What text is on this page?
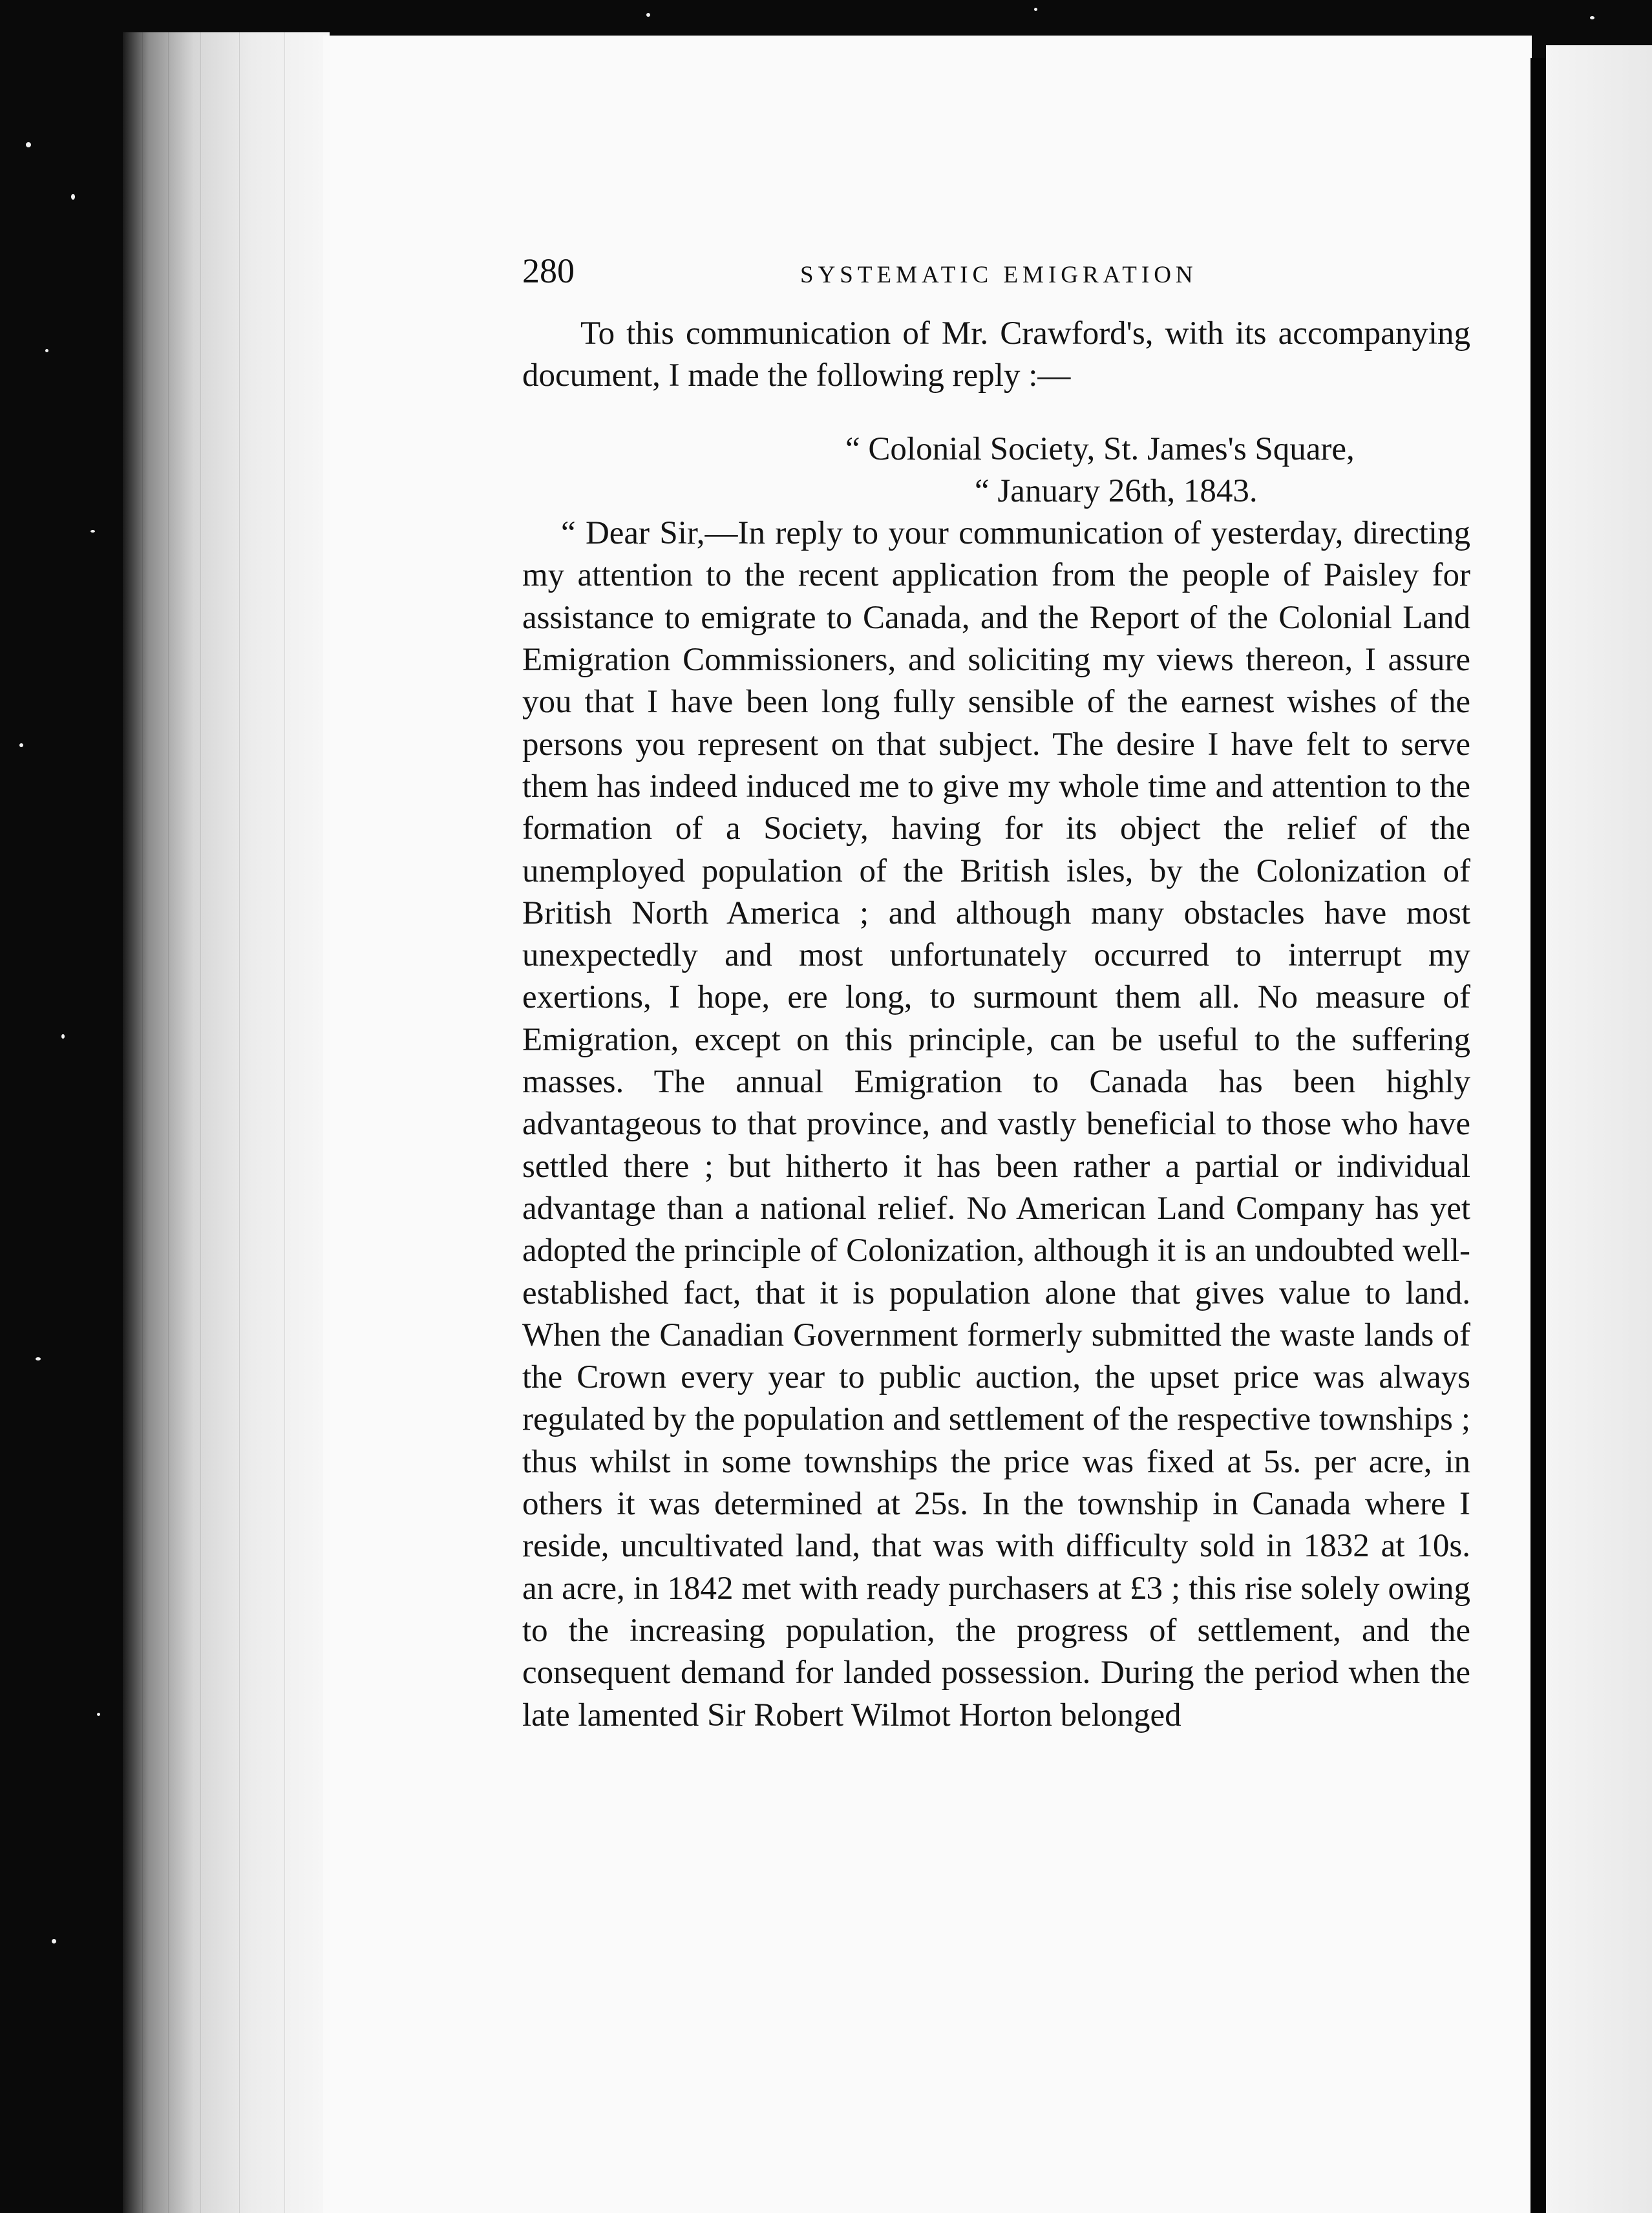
280	SYSTEMATIC EMIGRATION

To this communication of Mr. Crawford's, with its accompanying document, I made the following reply :—

“ Colonial Society, St. James's Square,
“ January 26th, 1843.

“ Dear Sir,—In reply to your communication of yesterday, directing my attention to the recent application from the people of Paisley for assistance to emigrate to Canada, and the Report of the Colonial Land Emigration Commissioners, and soliciting my views thereon, I assure you that I have been long fully sensible of the earnest wishes of the persons you represent on that subject. The desire I have felt to serve them has indeed induced me to give my whole time and attention to the formation of a Society, having for its object the relief of the unemployed population of the British isles, by the Colonization of British North America ; and although many obstacles have most unexpectedly and most unfortunately occurred to interrupt my exertions, I hope, ere long, to surmount them all. No measure of Emigration, except on this principle, can be useful to the suffering masses. The annual Emigration to Canada has been highly advantageous to that province, and vastly beneficial to those who have settled there ; but hitherto it has been rather a partial or individual advantage than a national relief. No American Land Company has yet adopted the principle of Colonization, although it is an undoubted well-established fact, that it is population alone that gives value to land. When the Canadian Government formerly submitted the waste lands of the Crown every year to public auction, the upset price was always regulated by the population and settlement of the respective townships ; thus whilst in some townships the price was fixed at 5s. per acre, in others it was determined at 25s. In the township in Canada where I reside, uncultivated land, that was with difficulty sold in 1832 at 10s. an acre, in 1842 met with ready purchasers at £3 ; this rise solely owing to the increasing population, the progress of settlement, and the consequent demand for landed possession. During the period when the late lamented Sir Robert Wilmot Horton belonged
